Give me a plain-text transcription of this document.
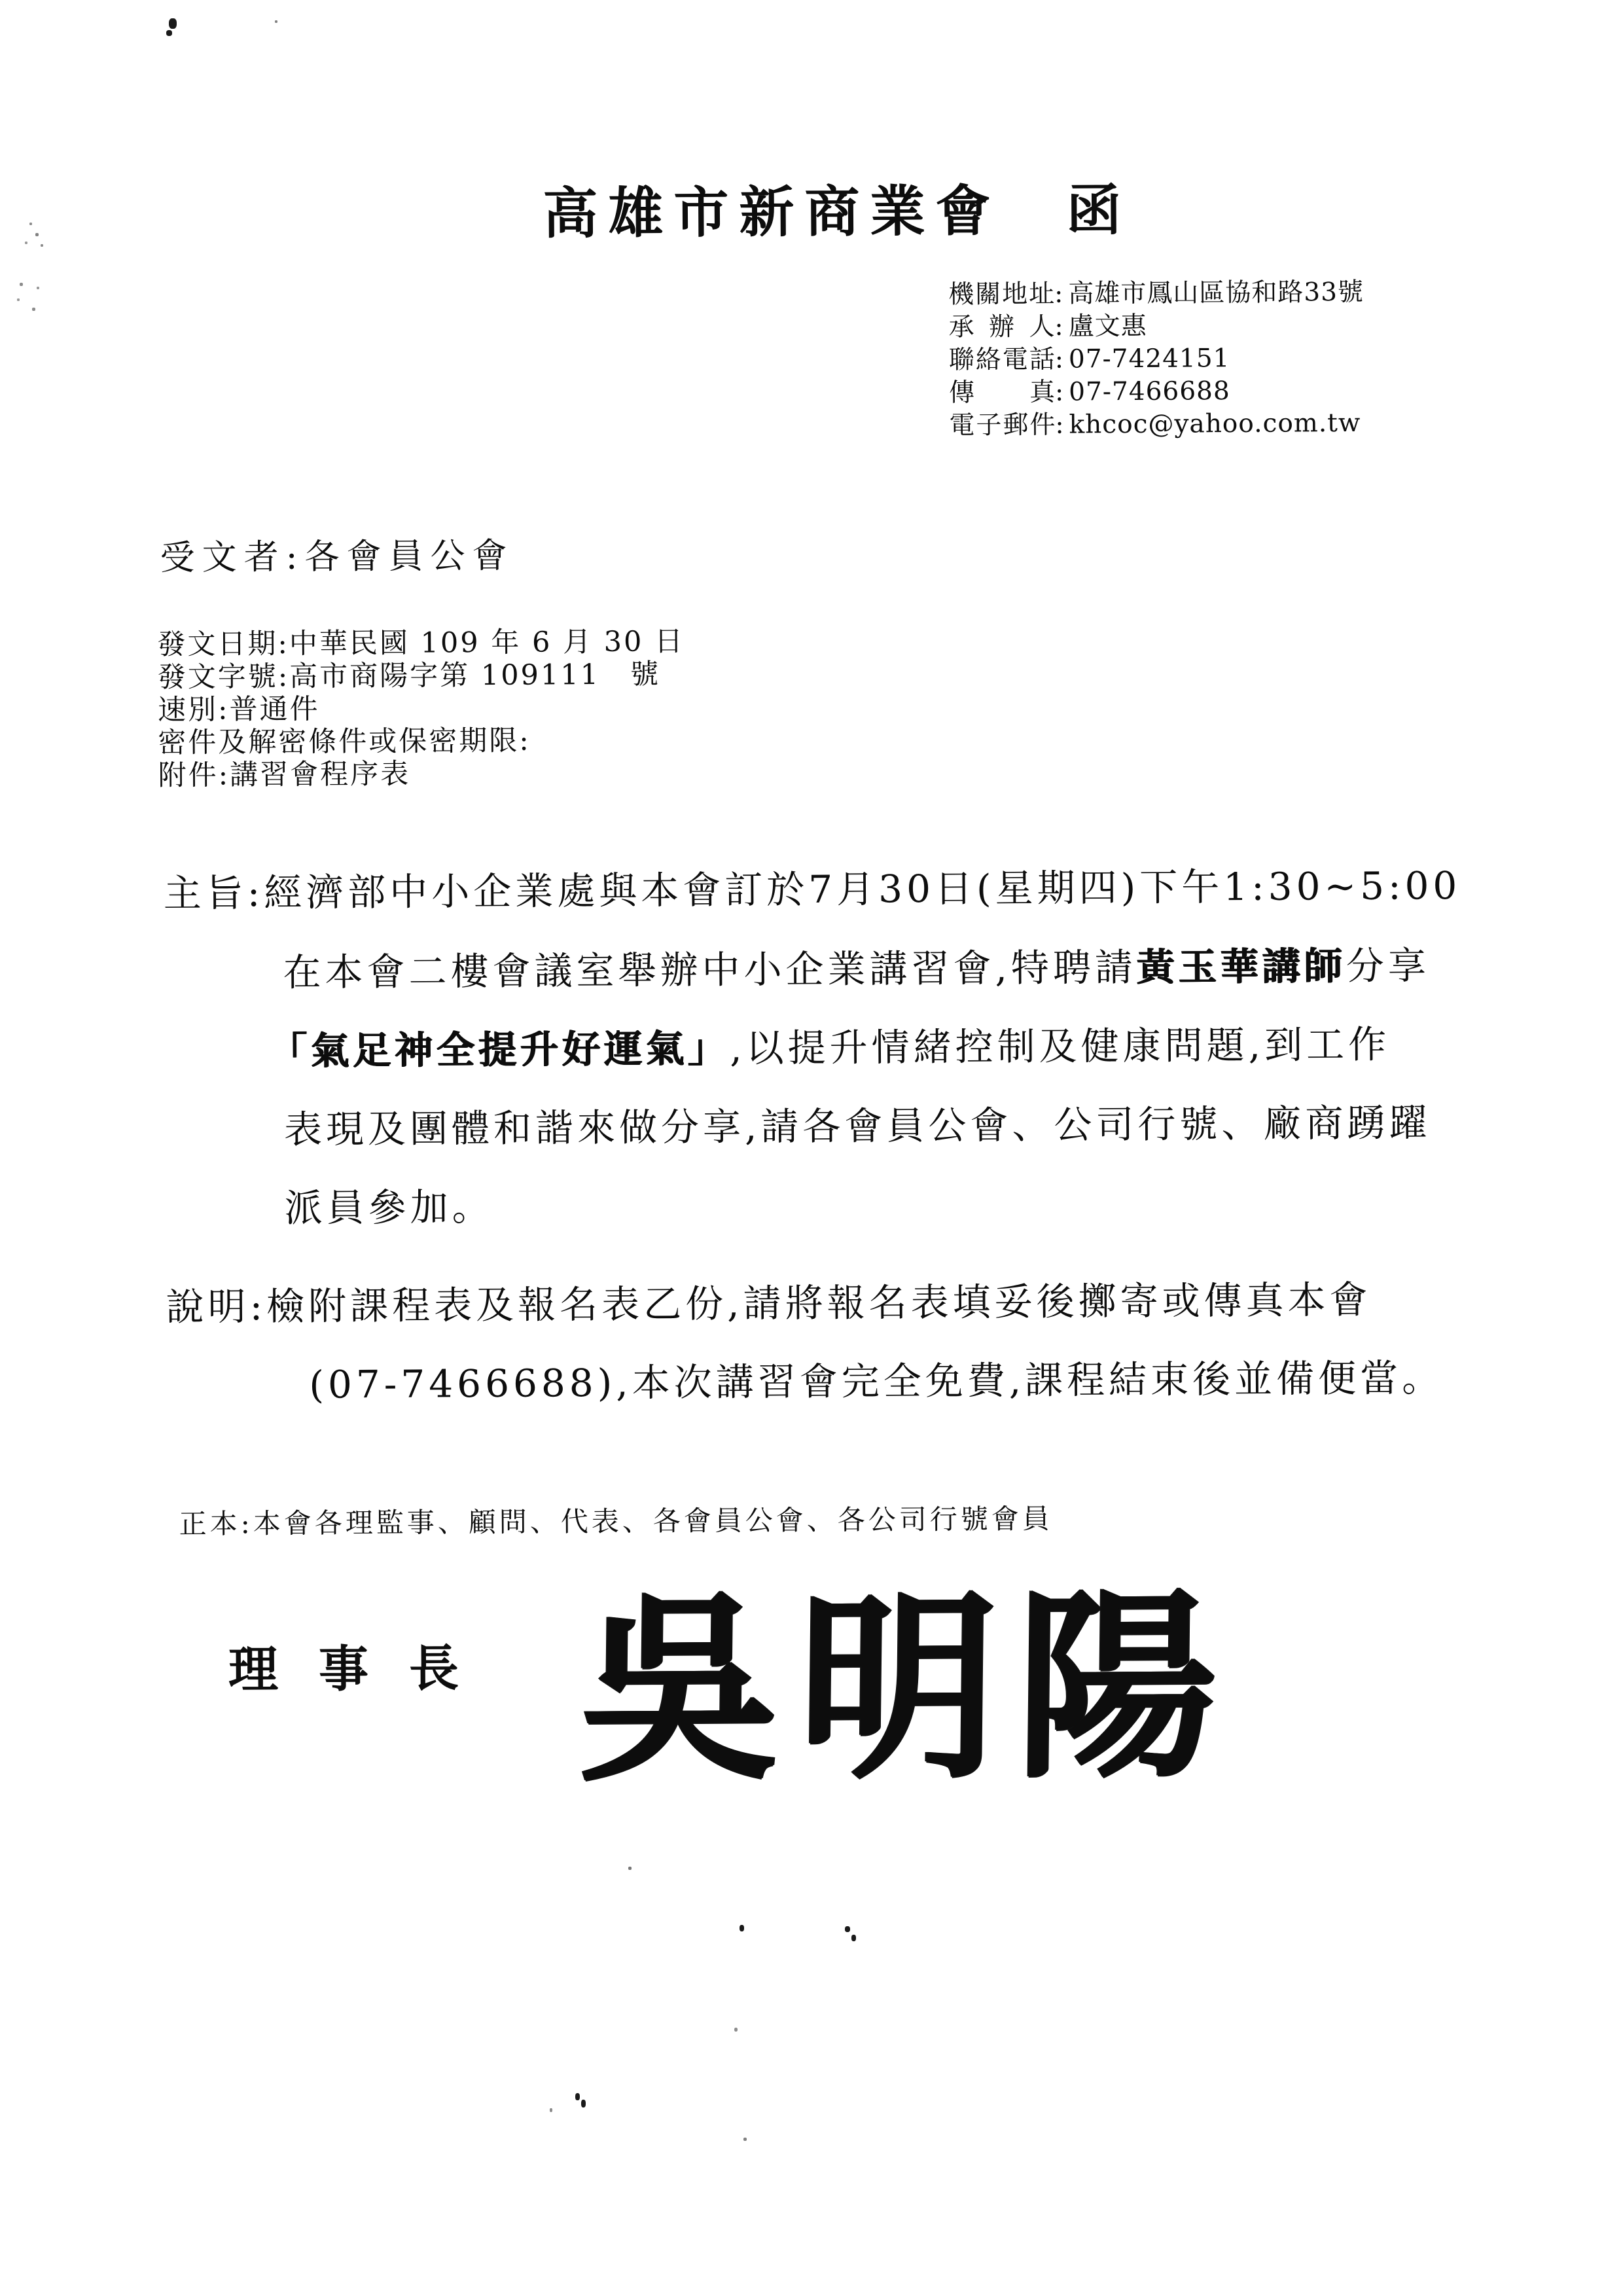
高雄市新商業會　函
機關地址: 高雄市鳳山區協和路33號
承辦人: 盧文惠
聯絡電話: 07-7424151
傳真: 07-7466688
電子郵件: khcoc@yahoo.com.tw
受文者:各會員公會
發文日期:中華民國 109 年 6 月 30 日
發文字號:高市商陽字第 109111　號
速別:普通件
密件及解密條件或保密期限:
附件:講習會程序表
主旨:經濟部中小企業處與本會訂於7月30日(星期四)下午1:30~5:00
在本會二樓會議室舉辦中小企業講習會,特聘請黃玉華講師分享
「氣足神全提升好運氣」,以提升情緒控制及健康問題,到工作
表現及團體和諧來做分享,請各會員公會、公司行號、廠商踴躍
派員參加。
說明:檢附課程表及報名表乙份,請將報名表填妥後擲寄或傳真本會
(07-7466688),本次講習會完全免費,課程結束後並備便當。
正本:本會各理監事、顧問、代表、各會員公會、各公司行號會員
理事長 吳明陽
